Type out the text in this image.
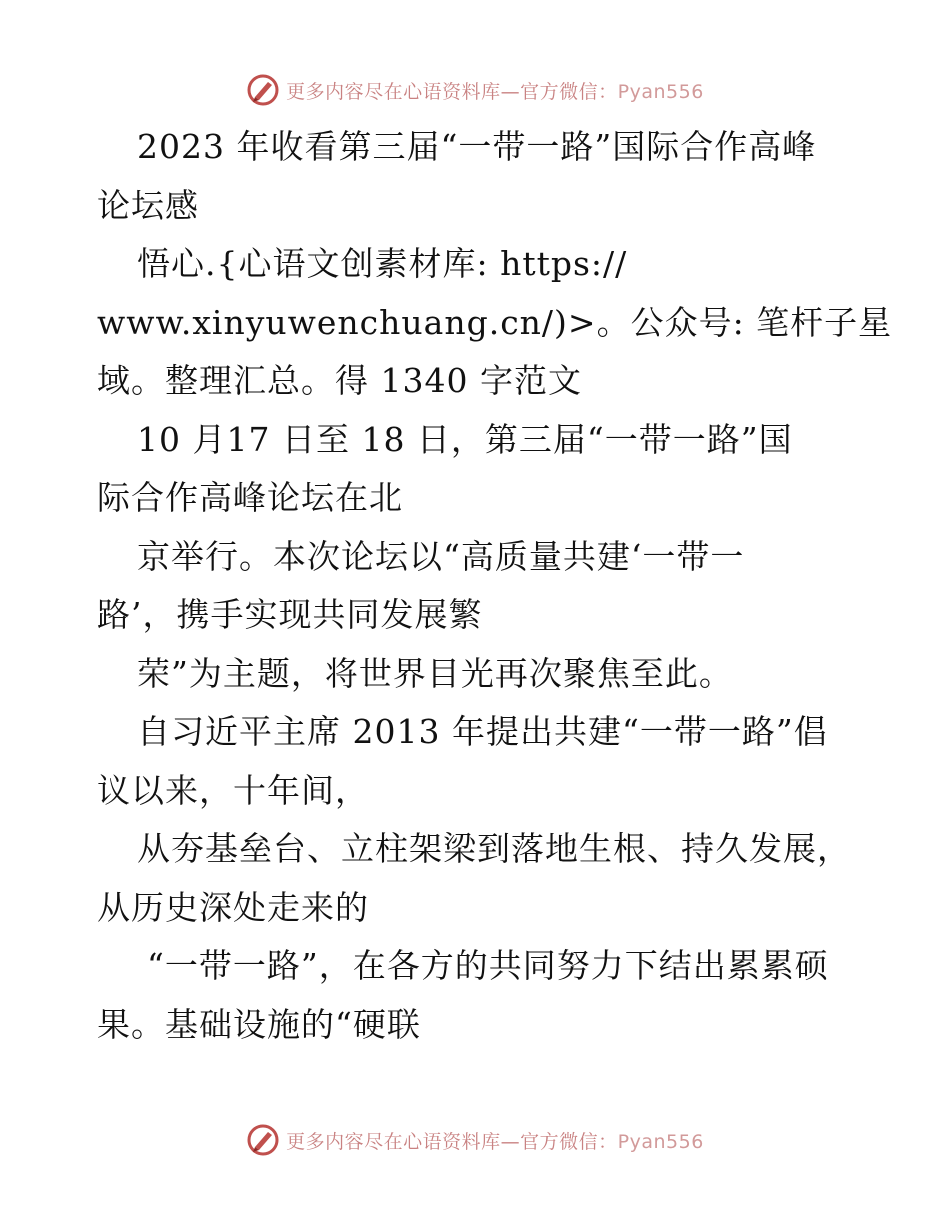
更多内容尽在心语资料库—官方微信：Pyan556
2023 年收看第三届“一带一路”国际合作高峰
论坛感
悟心.{心语文创素材库: https://
www.xinyuwenchuang.cn/)>。公众号: 笔杆子星
域。整理汇总。得 1340 字范文
10 月17 日至 18 日，第三届“一带一路”国
际合作高峰论坛在北
京举行。本次论坛以“高质量共建‘一带一
路’，携手实现共同发展繁
荣”为主题，将世界目光再次聚焦至此。
自习近平主席 2013 年提出共建“一带一路”倡
议以来，十年间，
从夯基垒台、立柱架梁到落地生根、持久发展，
从历史深处走来的
“一带一路”，在各方的共同努力下结出累累硕
果。基础设施的“硬联
更多内容尽在心语资料库—官方微信：Pyan556
